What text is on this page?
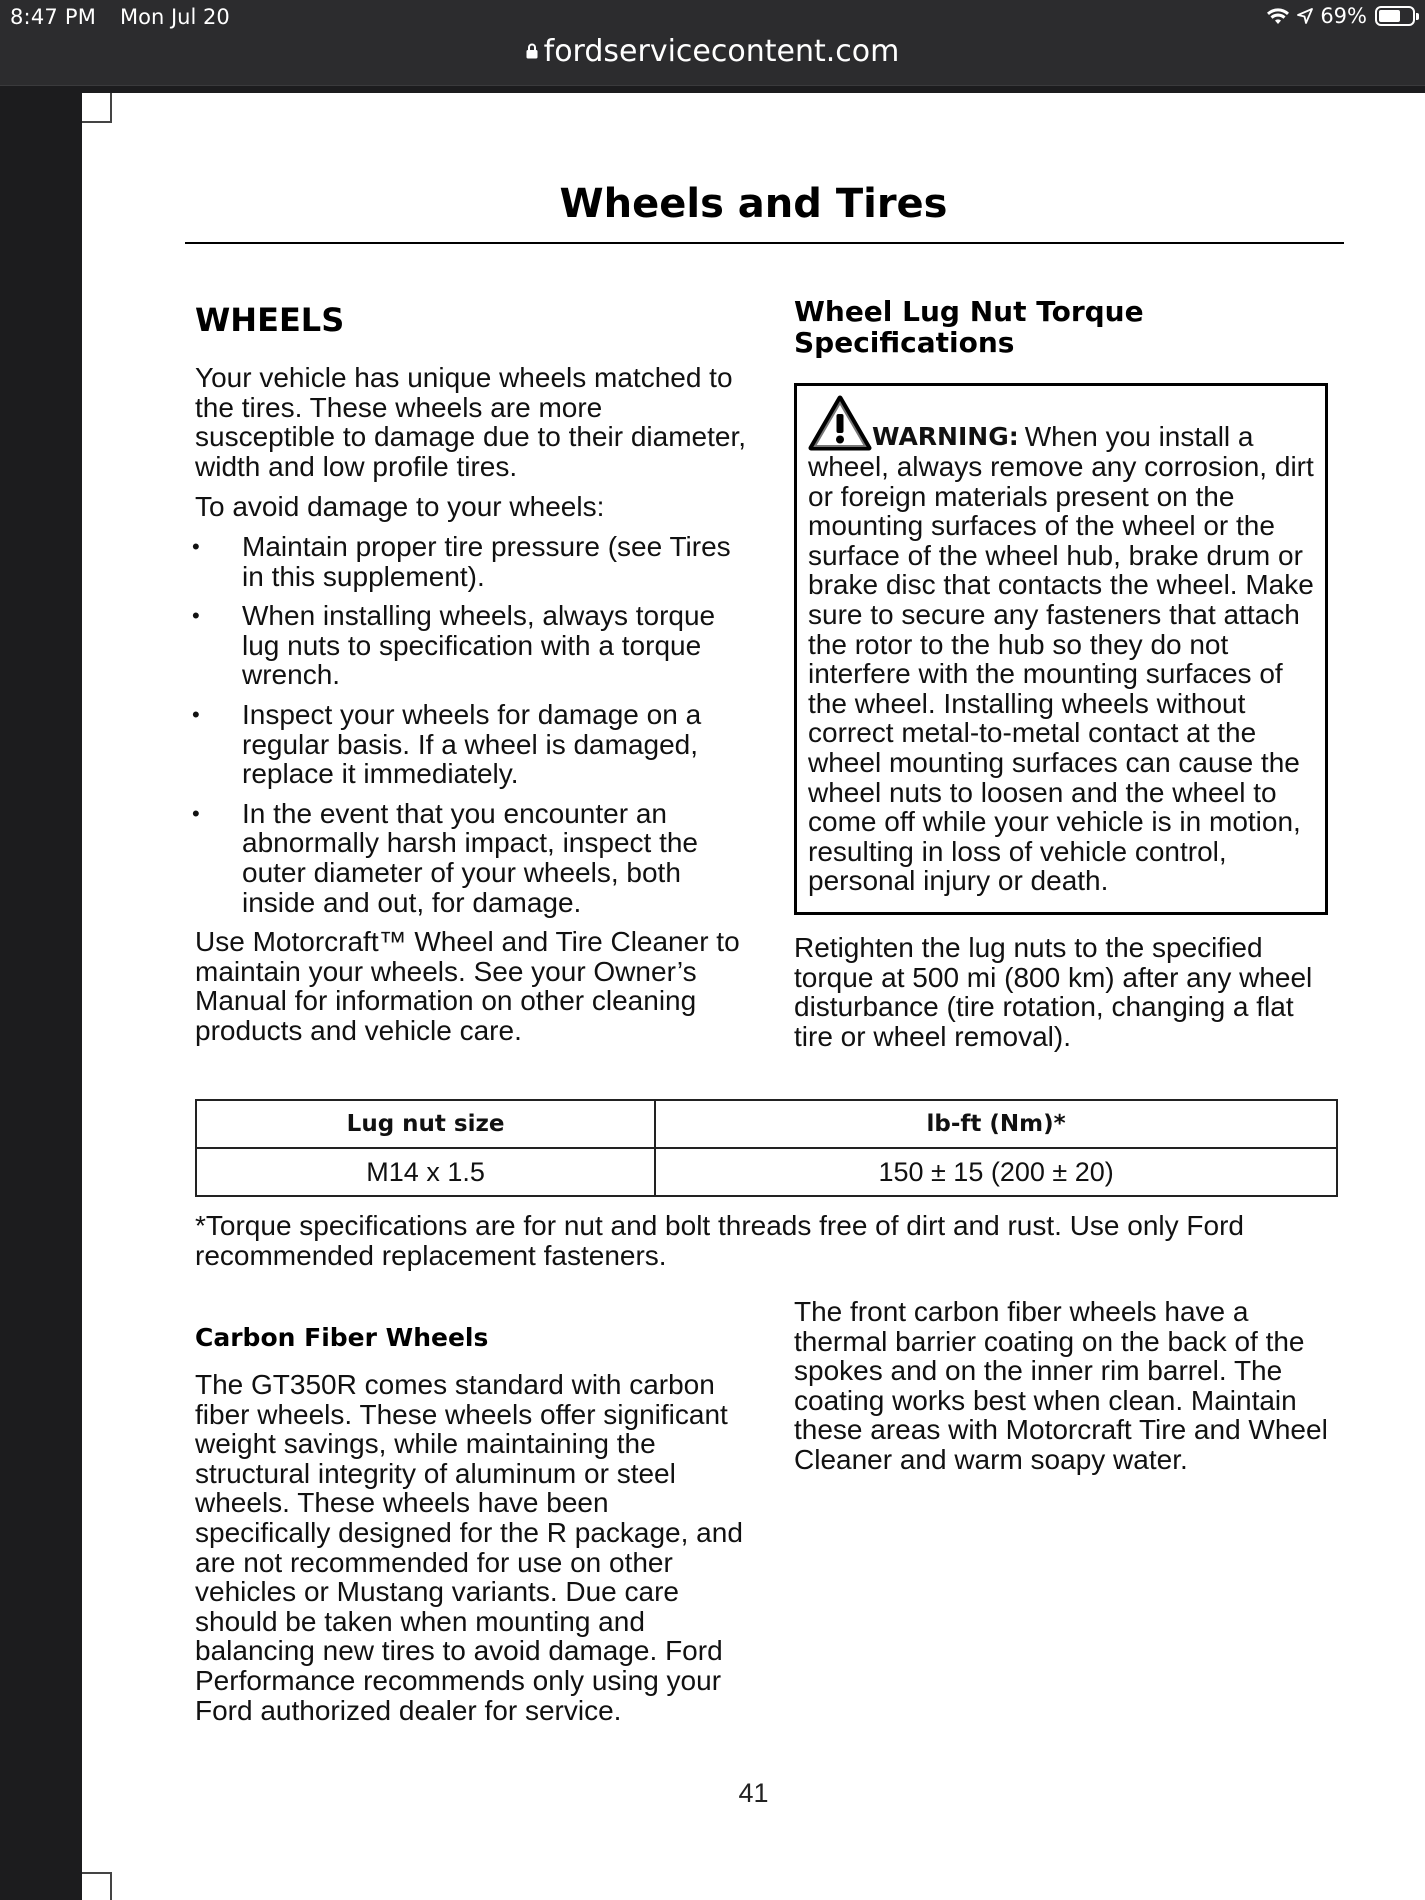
8:47 PM Mon Jul 20	69%
fordservicecontent.com
Wheels and Tires
WHEELS

Your vehicle has unique wheels matched to the tires. These wheels are more susceptible to damage due to their diameter, width and low profile tires.

To avoid damage to your wheels:

• Maintain proper tire pressure (see Tires in this supplement).
• When installing wheels, always torque lug nuts to specification with a torque wrench.
• Inspect your wheels for damage on a regular basis. If a wheel is damaged, replace it immediately.
• In the event that you encounter an abnormally harsh impact, inspect the outer diameter of your wheels, both inside and out, for damage.

Use Motorcraft™ Wheel and Tire Cleaner to maintain your wheels. See your Owner’s Manual for information on other cleaning products and vehicle care.

Wheel Lug Nut Torque
Specifications
WARNING: When you install a
wheel, always remove any corrosion, dirt or foreign materials present on the mounting surfaces of the wheel or the surface of the wheel hub, brake drum or brake disc that contacts the wheel. Make sure to secure any fasteners that attach the rotor to the hub so they do not interfere with the mounting surfaces of the wheel. Installing wheels without correct metal-to-metal contact at the wheel mounting surfaces can cause the wheel nuts to loosen and the wheel to come off while your vehicle is in motion, resulting in loss of vehicle control, personal injury or death.
Retighten the lug nuts to the specified torque at 500 mi (800 km) after any wheel disturbance (tire rotation, changing a flat tire or wheel removal).
Lug nut size	lb-ft (Nm)*
M14 x 1.5	150 ± 15 (200 ± 20)
*Torque specifications are for nut and bolt threads free of dirt and rust. Use only Ford recommended replacement fasteners.
Carbon Fiber Wheels
The GT350R comes standard with carbon fiber wheels. These wheels offer significant weight savings, while maintaining the structural integrity of aluminum or steel wheels. These wheels have been specifically designed for the R package, and are not recommended for use on other vehicles or Mustang variants. Due care should be taken when mounting and balancing new tires to avoid damage. Ford Performance recommends only using your Ford authorized dealer for service.
The front carbon fiber wheels have a thermal barrier coating on the back of the spokes and on the inner rim barrel. The coating works best when clean. Maintain these areas with Motorcraft Tire and Wheel Cleaner and warm soapy water.
41
